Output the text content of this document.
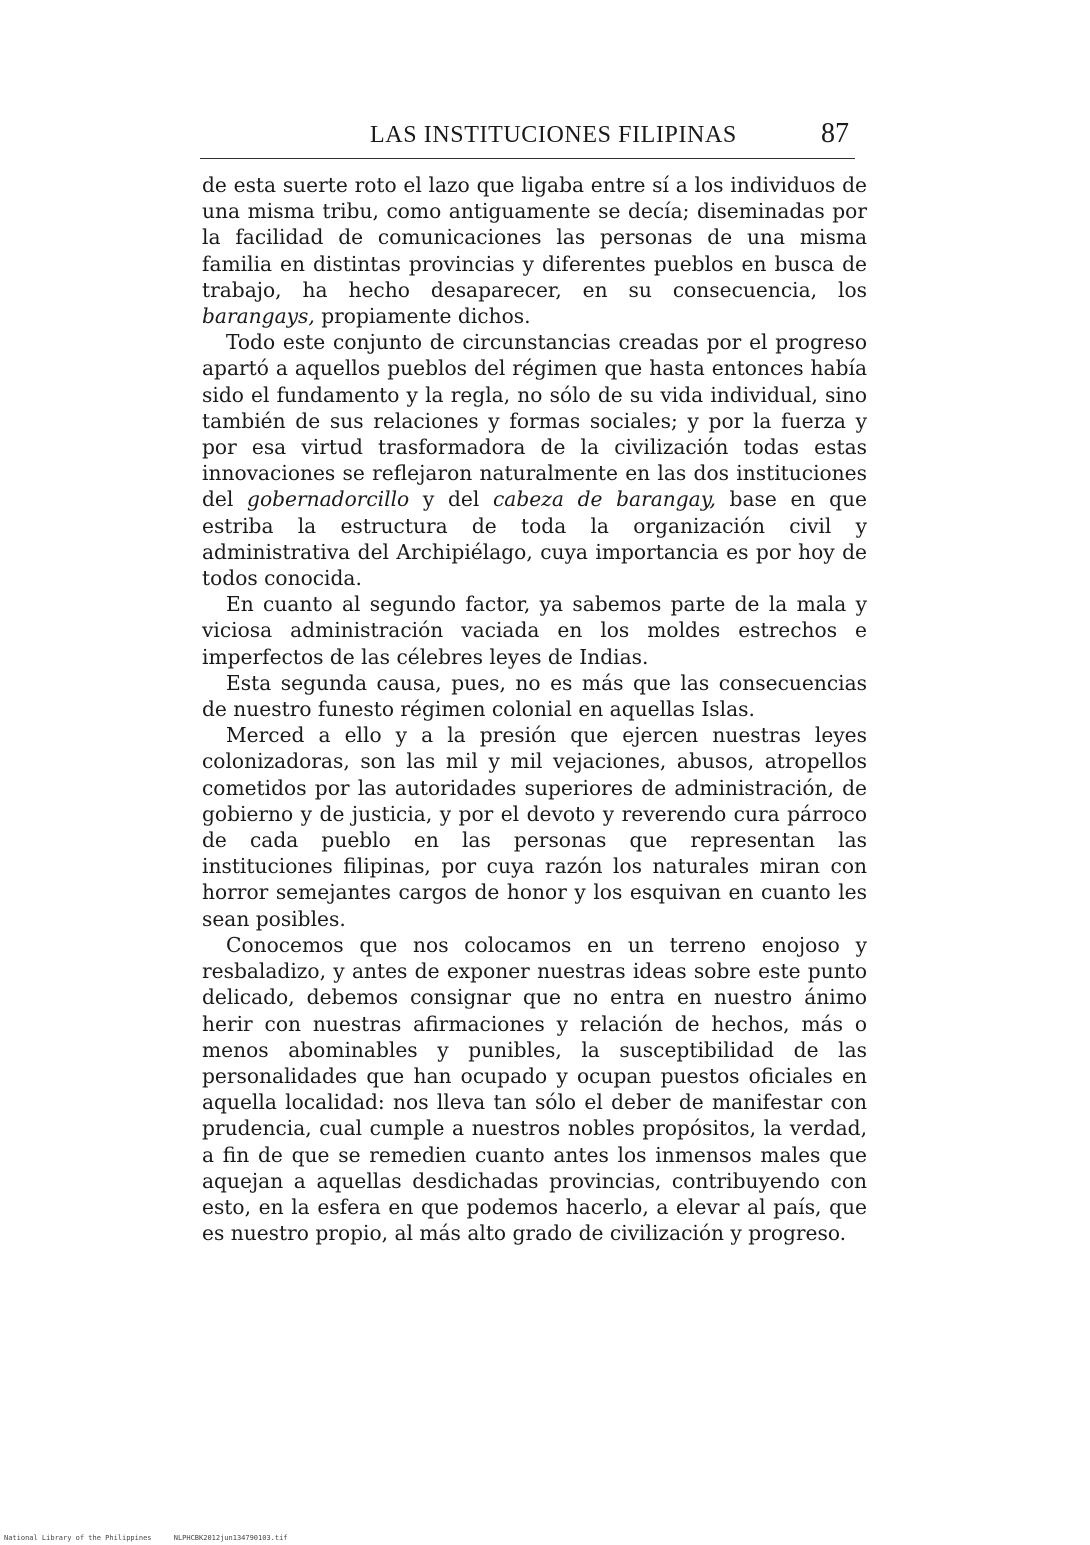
LAS INSTITUCIONES FILIPINAS	87

de esta suerte roto el lazo que ligaba entre sí a los individuos de una misma tribu, como antiguamente se decía; diseminadas por la facilidad de comunicaciones las personas de una misma familia en distintas provincias y diferentes pueblos en busca de trabajo, ha hecho desaparecer, en su consecuencia, los barangays, propiamente dichos.

Todo este conjunto de circunstancias creadas por el progreso apartó a aquellos pueblos del régimen que hasta entonces había sido el fundamento y la regla, no sólo de su vida individual, sino también de sus relaciones y formas sociales; y por la fuerza y por esa virtud trasformadora de la civilización todas estas innovaciones se reflejaron naturalmente en las dos instituciones del gobernadorcillo y del cabeza de barangay, base en que estriba la estructura de toda la organización civil y administrativa del Archipiélago, cuya importancia es por hoy de todos conocida.

En cuanto al segundo factor, ya sabemos parte de la mala y viciosa administración vaciada en los moldes estrechos e imperfectos de las célebres leyes de Indias.

Esta segunda causa, pues, no es más que las consecuencias de nuestro funesto régimen colonial en aquellas Islas.

Merced a ello y a la presión que ejercen nuestras leyes colonizadoras, son las mil y mil vejaciones, abusos, atropellos cometidos por las autoridades superiores de administración, de gobierno y de justicia, y por el devoto y reverendo cura párroco de cada pueblo en las personas que representan las instituciones filipinas, por cuya razón los naturales miran con horror semejantes cargos de honor y los esquivan en cuanto les sean posibles.

Conocemos que nos colocamos en un terreno enojoso y resbaladizo, y antes de exponer nuestras ideas sobre este punto delicado, debemos consignar que no entra en nuestro ánimo herir con nuestras afirmaciones y relación de hechos, más o menos abominables y punibles, la susceptibilidad de las personalidades que han ocupado y ocupan puestos oficiales en aquella localidad: nos lleva tan sólo el deber de manifestar con prudencia, cual cumple a nuestros nobles propósitos, la verdad, a fin de que se remedien cuanto antes los inmensos males que aquejan a aquellas desdichadas provincias, contribuyendo con esto, en la esfera en que podemos hacerlo, a elevar al país, que es nuestro propio, al más alto grado de civilización y progreso.

National Library of the Philippines	NLPHCBK2012jun134790103.tif
